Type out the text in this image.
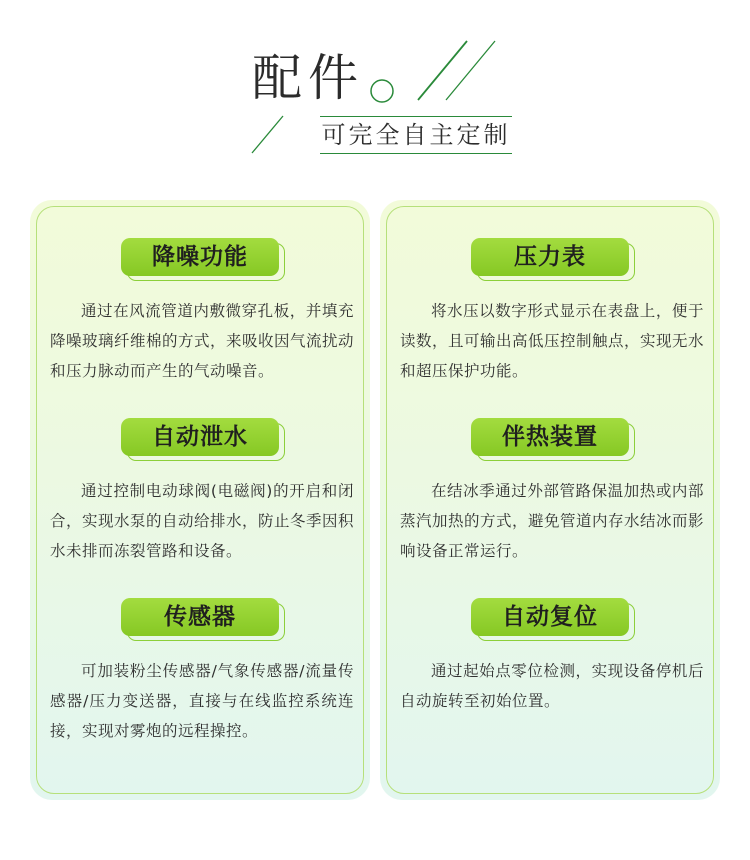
配件
可完全自主定制
降噪功能
通过在风流管道内敷微穿孔板，并填充降噪玻璃纤维棉的方式，来吸收因气流扰动和压力脉动而产生的气动噪音。
自动泄水
通过控制电动球阀(电磁阀)的开启和闭合，实现水泵的自动给排水，防止冬季因积水未排而冻裂管路和设备。
传感器
可加装粉尘传感器/气象传感器/流量传感器/压力变送器，直接与在线监控系统连接，实现对雾炮的远程操控。
压力表
将水压以数字形式显示在表盘上，便于读数，且可输出高低压控制触点，实现无水和超压保护功能。
伴热装置
在结冰季通过外部管路保温加热或内部蒸汽加热的方式，避免管道内存水结冰而影响设备正常运行。
自动复位
通过起始点零位检测，实现设备停机后自动旋转至初始位置。
